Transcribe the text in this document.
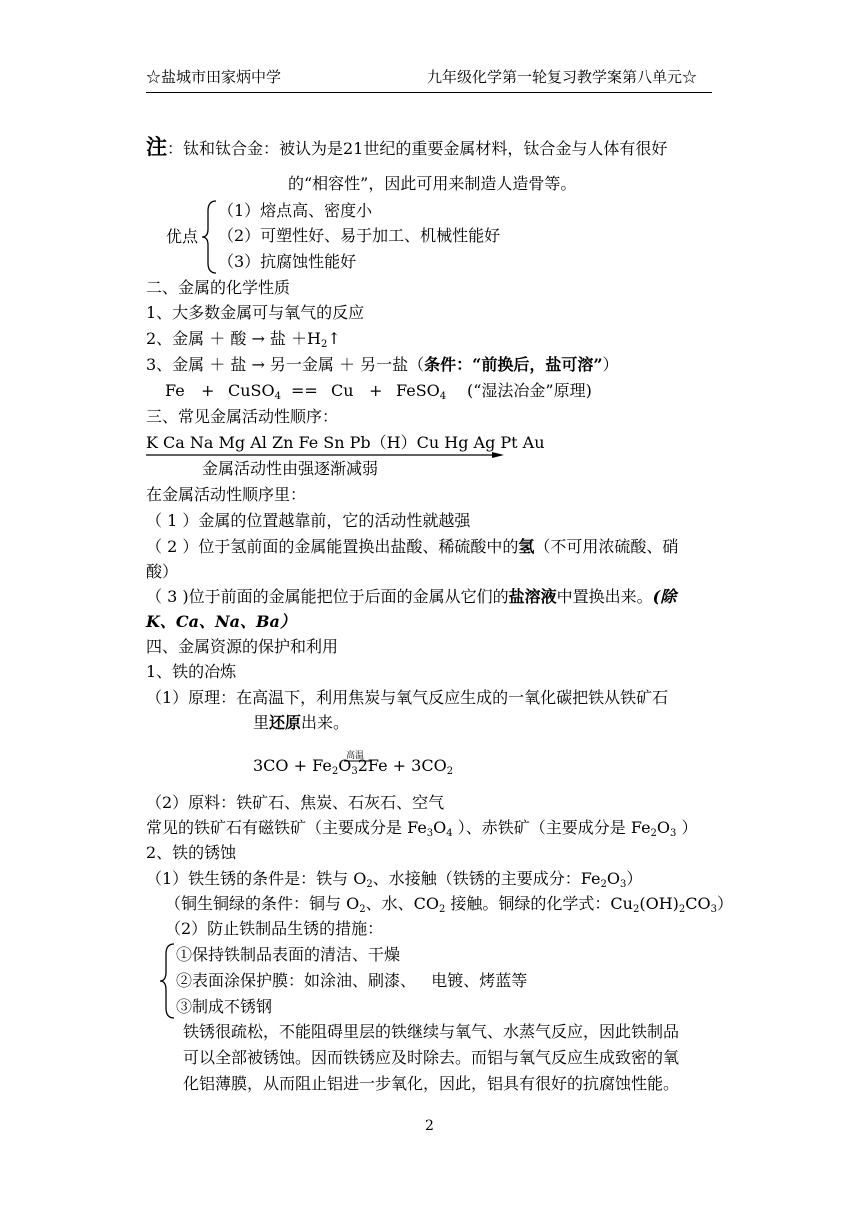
☆盐城市田家炳中学	九年级化学第一轮复习教学案第八单元☆
注：钛和钛合金：被认为是21世纪的重要金属材料，钛合金与人体有很好
的“相容性”，因此可用来制造人造骨等。
优点
（1）熔点高、密度小
（2）可塑性好、易于加工、机械性能好
（3）抗腐蚀性能好
二、金属的化学性质
1、大多数金属可与氧气的反应
2、金属 ＋ 酸 → 盐 $+H_2↑$
3、金属 ＋ 盐 → 另一金属 ＋ 另一盐（条件：“前换后，盐可溶”）
Fe + CuSO$_4$ == Cu + FeSO$_4$ (“湿法冶金”原理)
三、常见金属活动性顺序：
K Ca Na Mg Al Zn Fe Sn Pb（H）Cu Hg Ag Pt Au
金属活动性由强逐渐减弱
在金属活动性顺序里：
（ 1 ）金属的位置越靠前，它的活动性就越强
（ 2 ）位于氢前面的金属能置换出盐酸、稀硫酸中的氢（不可用浓硫酸、硝
酸）
（ 3 )位于前面的金属能把位于后面的金属从它们的盐溶液中置换出来。(除
K、Ca、Na、Ba）
四、金属资源的保护和利用
1、铁的冶炼
（1）原理：在高温下，利用焦炭与氧气反应生成的一氧化碳把铁从铁矿石
里还原出来。
高温
$3CO + Fe_2O_32Fe + 3CO_2$
（2）原料：铁矿石、焦炭、石灰石、空气
常见的铁矿石有磁铁矿（主要成分是 $Fe_3O_4$ ）、赤铁矿（主要成分是 $Fe_2O_3$ ）
2、铁的锈蚀
（1）铁生锈的条件是：铁与 $O_2$、水接触（铁锈的主要成分：$Fe_2O_3$）
（铜生铜绿的条件：铜与 $O_2$、水、$CO_2$ 接触。铜绿的化学式：$Cu_2(OH)_2CO_3$）
（2）防止铁制品生锈的措施：
①保持铁制品表面的清洁、干燥
②表面涂保护膜：如涂油、刷漆、   电镀、烤蓝等
③制成不锈钢
铁锈很疏松，不能阻碍里层的铁继续与氧气、水蒸气反应，因此铁制品
可以全部被锈蚀。因而铁锈应及时除去。而铝与氧气反应生成致密的氧
化铝薄膜，从而阻止铝进一步氧化，因此，铝具有很好的抗腐蚀性能。
2
